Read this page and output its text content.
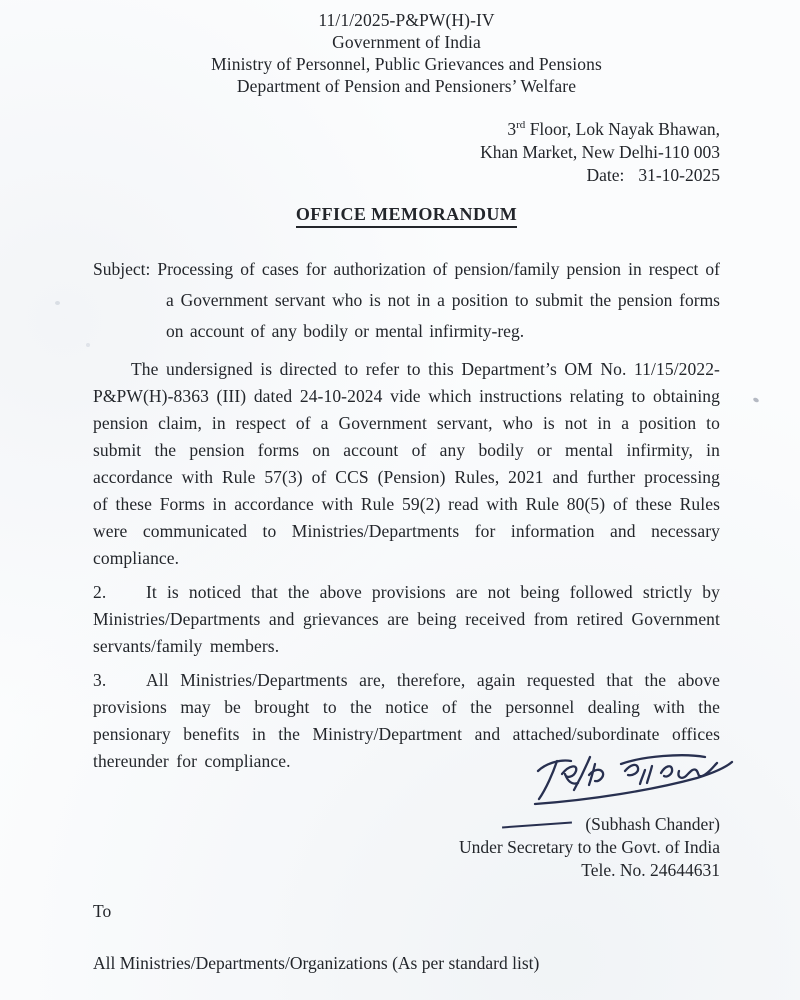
11/1/2025-P&PW(H)-IV
Government of India
Ministry of Personnel, Public Grievances and Pensions
Department of Pension and Pensioners’ Welfare
3rd Floor, Lok Nayak Bhawan,
Khan Market, New Delhi-110 003
Date: 31-10-2025
OFFICE MEMORANDUM
Subject: Processing of cases for authorization of pension/family pension in respect of a Government servant who is not in a position to submit the pension forms on account of any bodily or mental infirmity-reg.

The undersigned is directed to refer to this Department’s OM No. 11/15/2022-P&PW(H)-8363 (III) dated 24-10-2024 vide which instructions relating to obtaining pension claim, in respect of a Government servant, who is not in a position to submit the pension forms on account of any bodily or mental infirmity, in accordance with Rule 57(3) of CCS (Pension) Rules, 2021 and further processing of these Forms in accordance with Rule 59(2) read with Rule 80(5) of these Rules were communicated to Ministries/Departments for information and necessary compliance.

2. It is noticed that the above provisions are not being followed strictly by Ministries/Departments and grievances are being received from retired Government servants/family members.

3. All Ministries/Departments are, therefore, again requested that the above provisions may be brought to the notice of the personnel dealing with the pensionary benefits in the Ministry/Department and attached/subordinate offices thereunder for compliance.

(Subhash Chander)
Under Secretary to the Govt. of India
Tele. No. 24644631
To
All Ministries/Departments/Organizations (As per standard list)
